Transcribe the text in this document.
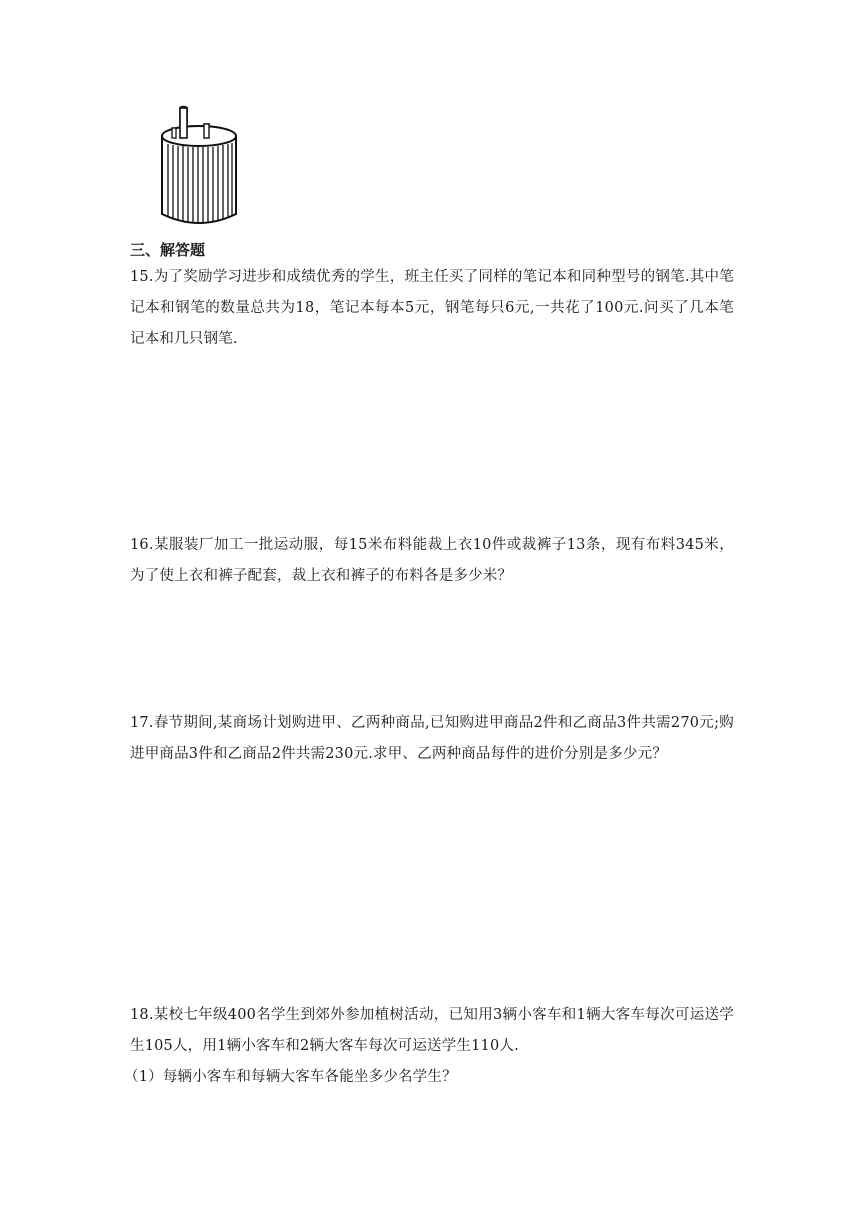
三、解答题
15.为了奖励学习进步和成绩优秀的学生，班主任买了同样的笔记本和同种型号的钢笔.其中笔记本和钢笔的数量总共为18，笔记本每本5元，钢笔每只6元,一共花了100元.问买了几本笔记本和几只钢笔.
16.某服装厂加工一批运动服，每15米布料能裁上衣10件或裁裤子13条，现有布料345米，为了使上衣和裤子配套，裁上衣和裤子的布料各是多少米？
17.春节期间,某商场计划购进甲、乙两种商品,已知购进甲商品2件和乙商品3件共需270元;购进甲商品3件和乙商品2件共需230元.求甲、乙两种商品每件的进价分别是多少元？
18.某校七年级400名学生到郊外参加植树活动，已知用3辆小客车和1辆大客车每次可运送学生105人，用1辆小客车和2辆大客车每次可运送学生110人.
（1）每辆小客车和每辆大客车各能坐多少名学生？
